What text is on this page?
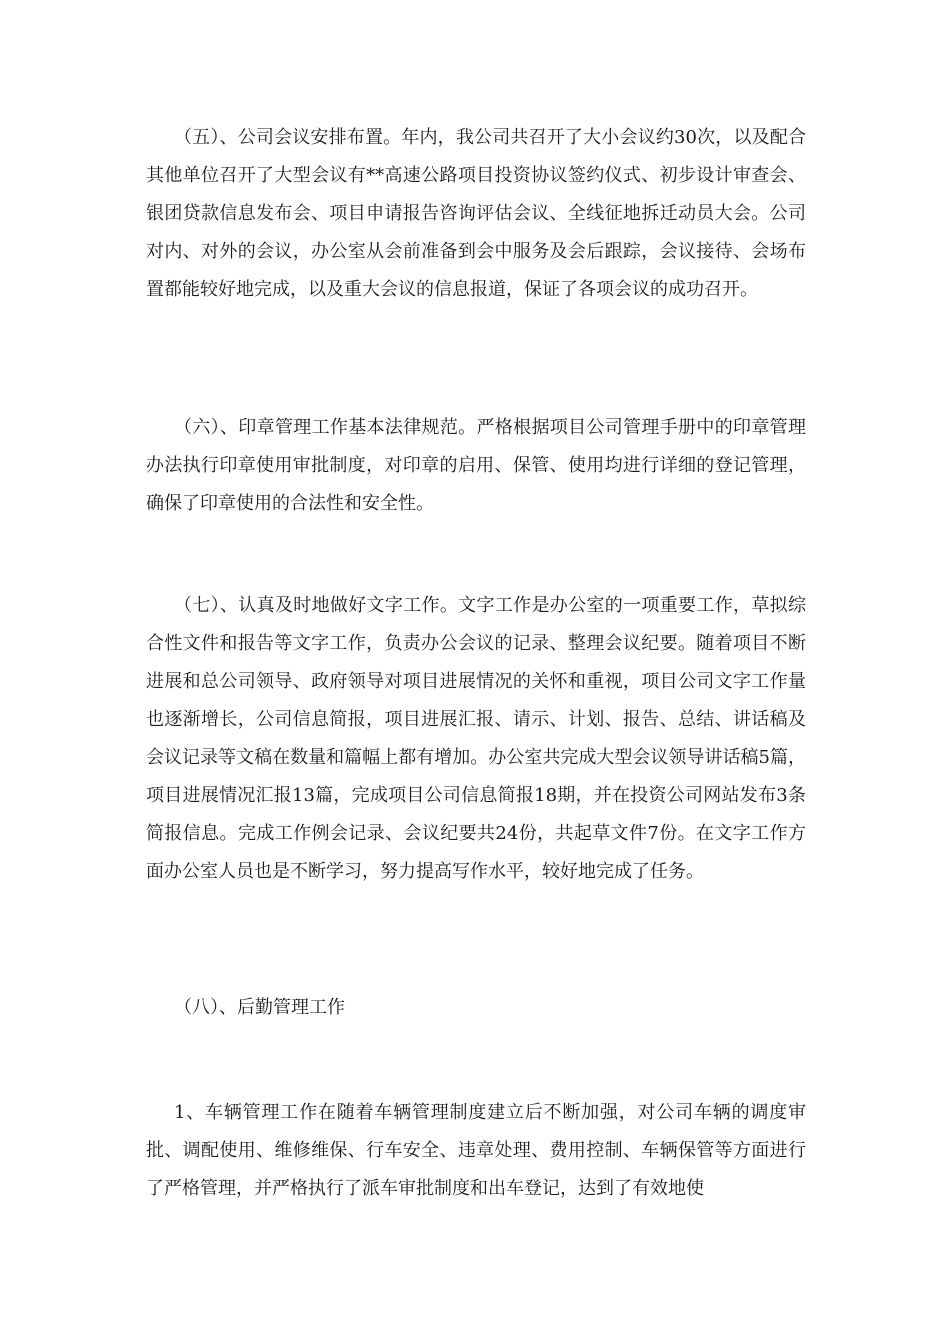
（五）、公司会议安排布置。年内，我公司共召开了大小会议约30次，以及配合其他单位召开了大型会议有**高速公路项目投资协议签约仪式、初步设计审查会、银团贷款信息发布会、项目申请报告咨询评估会议、全线征地拆迁动员大会。公司对内、对外的会议，办公室从会前准备到会中服务及会后跟踪，会议接待、会场布置都能较好地完成，以及重大会议的信息报道，保证了各项会议的成功召开。

（六）、印章管理工作基本法律规范。严格根据项目公司管理手册中的印章管理办法执行印章使用审批制度，对印章的启用、保管、使用均进行详细的登记管理，确保了印章使用的合法性和安全性。

（七）、认真及时地做好文字工作。文字工作是办公室的一项重要工作，草拟综合性文件和报告等文字工作，负责办公会议的记录、整理会议纪要。随着项目不断进展和总公司领导、政府领导对项目进展情况的关怀和重视，项目公司文字工作量也逐渐增长，公司信息简报，项目进展汇报、请示、计划、报告、总结、讲话稿及会议记录等文稿在数量和篇幅上都有增加。办公室共完成大型会议领导讲话稿5篇，项目进展情况汇报13篇，完成项目公司信息简报18期，并在投资公司网站发布3条简报信息。完成工作例会记录、会议纪要共24份，共起草文件7份。在文字工作方面办公室人员也是不断学习，努力提高写作水平，较好地完成了任务。

（八）、后勤管理工作

1、车辆管理工作在随着车辆管理制度建立后不断加强，对公司车辆的调度审批、调配使用、维修维保、行车安全、违章处理、费用控制、车辆保管等方面进行了严格管理，并严格执行了派车审批制度和出车登记，达到了有效地使
